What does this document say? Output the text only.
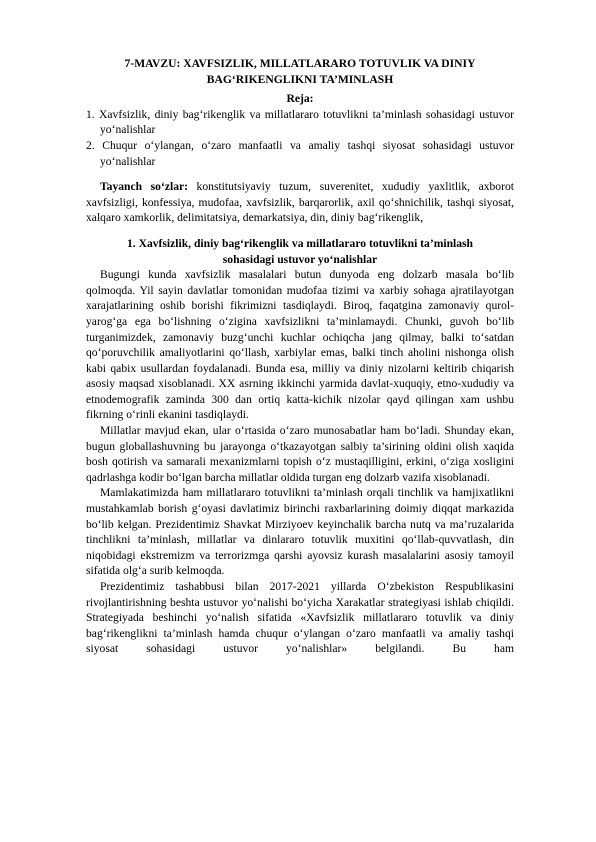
7-MAVZU: XAVFSIZLIK, MILLATLARARO TOTUVLIK VA DINIY
BAG‘RIKENGLIKNI TA’MINLASH

Reja:

1. Xavfsizlik, diniy bag‘rikenglik va millatlararo totuvlikni ta’minlash sohasidagi ustuvor yo‘nalishlar
2. Chuqur o‘ylangan, o‘zaro manfaatli va amaliy tashqi siyosat sohasidagi ustuvor yo‘nalishlar

Tayanch so‘zlar: konstitutsiyaviy tuzum, suverenitet, xududiy yaxlitlik, axborot xavfsizligi, konfessiya, mudofaa, xavfsizlik, barqarorlik, axil qo‘shnichilik, tashqi siyosat, xalqaro xamkorlik, delimitatsiya, demarkatsiya, din, diniy bag‘rikenglik,

1. Xavfsizlik, diniy bag‘rikenglik va millatlararo totuvlikni ta’minlash
sohasidagi ustuvor yo‘nalishlar

Bugungi kunda xavfsizlik masalalari butun dunyoda eng dolzarb masala bo‘lib qolmoqda. Yil sayin davlatlar tomonidan mudofaa tizimi va xarbiy sohaga ajratilayotgan xarajatlarining oshib borishi fikrimizni tasdiqlaydi. Biroq, faqatgina zamonaviy qurol-yarog‘ga ega bo‘lishning o‘zigina xavfsizlikni ta’minlamaydi. Chunki, guvoh bo‘lib turganimizdek, zamonaviy buzg‘unchi kuchlar ochiqcha jang qilmay, balki to‘satdan qo‘poruvchilik amaliyotlarini qo‘llash, xarbiylar emas, balki tinch aholini nishonga olish kabi qabix usullardan foydalanadi. Bunda esa, milliy va diniy nizolarni keltirib chiqarish asosiy maqsad xisoblanadi. XX asrning ikkinchi yarmida davlat-xuquqiy, etno-xududiy va etnodemografik zaminda 300 dan ortiq katta-kichik nizolar qayd qilingan xam ushbu fikrning o‘rinli ekanini tasdiqlaydi.

Millatlar mavjud ekan, ular o‘rtasida o‘zaro munosabatlar ham bo‘ladi. Shunday ekan, bugun globallashuvning bu jarayonga o‘tkazayotgan salbiy ta’sirining oldini olish xaqida bosh qotirish va samarali mexanizmlarni topish o‘z mustaqilligini, erkini, o‘ziga xosligini qadrlashga kodir bo‘lgan barcha millatlar oldida turgan eng dolzarb vazifa xisoblanadi.

Mamlakatimizda ham millatlararo totuvlikni ta’minlash orqali tinchlik va hamjixatlikni mustahkamlab borish g‘oyasi davlatimiz birinchi raxbarlarining doimiy diqqat markazida bo‘lib kelgan. Prezidentimiz Shavkat Mirziyoev keyinchalik barcha nutq va ma’ruzalarida tinchlikni ta’minlash, millatlar va dinlararo totuvlik muxitini qo‘llab-quvvatlash, din niqobidagi ekstremizm va terrorizmga qarshi ayovsiz kurash masalalarini asosiy tamoyil sifatida olg‘a surib kelmoqda.

Prezidentimiz tashabbusi bilan 2017-2021 yillarda O‘zbekiston Respublikasini rivojlantirishning beshta ustuvor yo‘nalishi bo‘yicha Xarakatlar strategiyasi ishlab chiqildi. Strategiyada beshinchi yo‘nalish sifatida «Xavfsizlik millatlararo totuvlik va diniy bag‘rikenglikni ta’minlash hamda chuqur o‘ylangan o‘zaro manfaatli va amaliy tashqi siyosat sohasidagi ustuvor yo‘nalishlar» belgilandi. Bu ham
